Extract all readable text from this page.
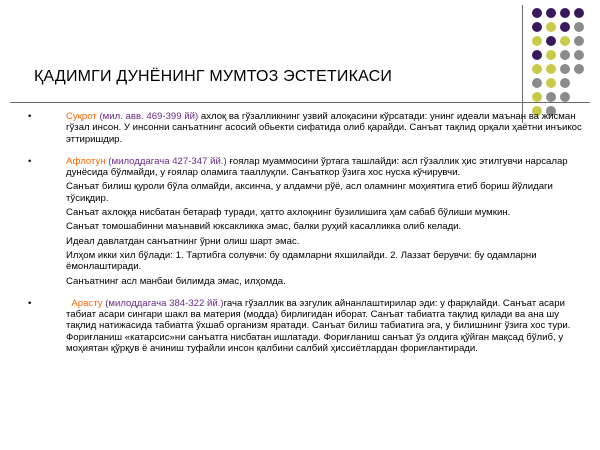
ҚАДИМГИ ДУНЁНИНГ МУМТОЗ ЭСТЕТИКАСИ
•	Суқрот (мил. авв. 469-399 йй) ахлоқ ва гўзалликнинг узвий алоқасини кўрсатади: унинг идеали маънан ва жисман гўзал инсон. У инсонни санъатнинг асосий обьекти сифатида олиб қарайди. Санъат тақлид орқали ҳаётни инъикос эттиришдир.

•	Афлотун (милоддагача 427-347 йй.) ғоялар муаммосини ўртага ташлайди: асл гўзаллик ҳис этилгувчи нарсалар дунёсида бўлмайди, у ғоялар оламига тааллуқли. Санъаткор ўзига хос нусха кўчирувчи.

Санъат билиш қуроли бўла олмайди, аксинча, у алдамчи рўё, асл оламнинг моҳиятига етиб бориш йўлидаги тўсиқдир.

Санъат ахлоққа нисбатан бетараф туради, ҳатто ахлоқнинг бузилишига ҳам сабаб бўлиши мумкин.

Санъат томошабинни маънавий юксакликка эмас, балки руҳий касалликка олиб келади.

Идеал давлатдан санъатнинг ўрни олиш шарт эмас.

Илҳом икки хил бўлади: 1. Тартибга солувчи: бу одамларни яхшилайди. 2. Лаззат берувчи: бу одамларни ёмонлаштиради.

Санъатнинг асл манбаи билимда эмас, илҳомда.

•	Арасту (милоддагача 384-322 йй.)гача гўзаллик ва эзгулик айнанлаштирилар эди: у фарқлайди. Санъат асари табиат асари сингари шакл ва материя (модда) бирлигидан иборат. Санъат табиатга тақлид қилади ва ана шу тақлид натижасида табиатга ўхшаб организм яратади. Санъат билиш табиатига эга, у билишнинг ўзига хос тури. Фориғланиш «катарсис»ни санъатга нисбатан ишлатади. Фориғланиш санъат ўз олдига қўйган мақсад бўлиб, у моҳиятан қўрқув ё ачиниш туфайли инсон қалбини салбий ҳиссиётлардан фориғлантиради.
